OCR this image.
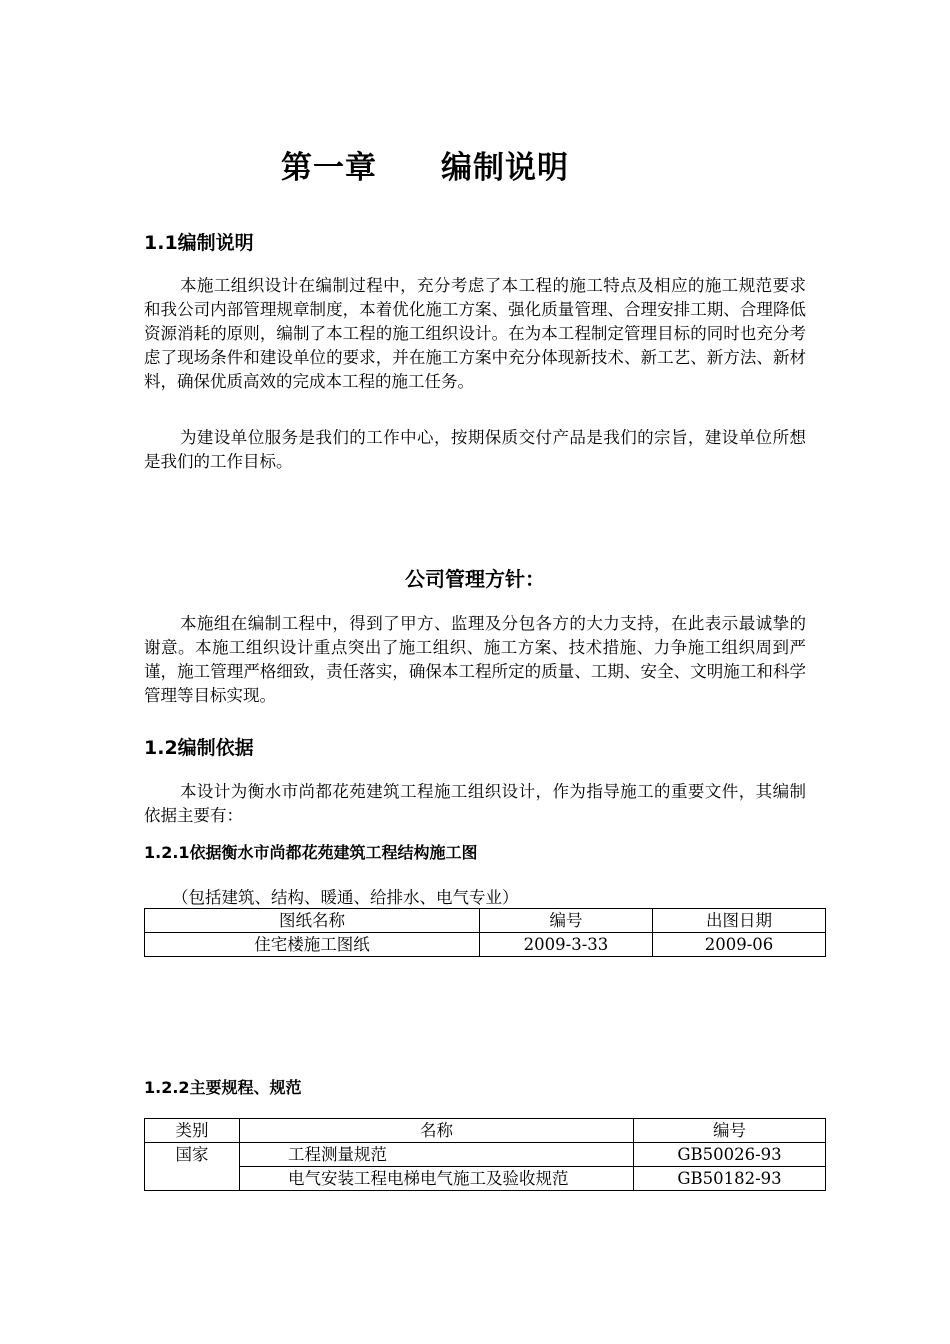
第一章　　编制说明
1.1编制说明
本施工组织设计在编制过程中，充分考虑了本工程的施工特点及相应的施工规范要求和我公司内部管理规章制度，本着优化施工方案、强化质量管理、合理安排工期、合理降低资源消耗的原则，编制了本工程的施工组织设计。在为本工程制定管理目标的同时也充分考虑了现场条件和建设单位的要求，并在施工方案中充分体现新技术、新工艺、新方法、新材料，确保优质高效的完成本工程的施工任务。
为建设单位服务是我们的工作中心，按期保质交付产品是我们的宗旨，建设单位所想是我们的工作目标。
公司管理方针：
本施组在编制工程中，得到了甲方、监理及分包各方的大力支持，在此表示最诚挚的谢意。本施工组织设计重点突出了施工组织、施工方案、技术措施、力争施工组织周到严谨，施工管理严格细致，责任落实，确保本工程所定的质量、工期、安全、文明施工和科学管理等目标实现。
1.2编制依据
本设计为衡水市尚都花苑建筑工程施工组织设计，作为指导施工的重要文件，其编制依据主要有：
1.2.1依据衡水市尚都花苑建筑工程结构施工图
（包括建筑、结构、暖通、给排水、电气专业）
图纸名称	编号	出图日期
住宅楼施工图纸	2009-3-33	2009-06
1.2.2主要规程、规范
类别	名称	编号
国家	工程测量规范	GB50026-93
	电气安装工程电梯电气施工及验收规范	GB50182-93
